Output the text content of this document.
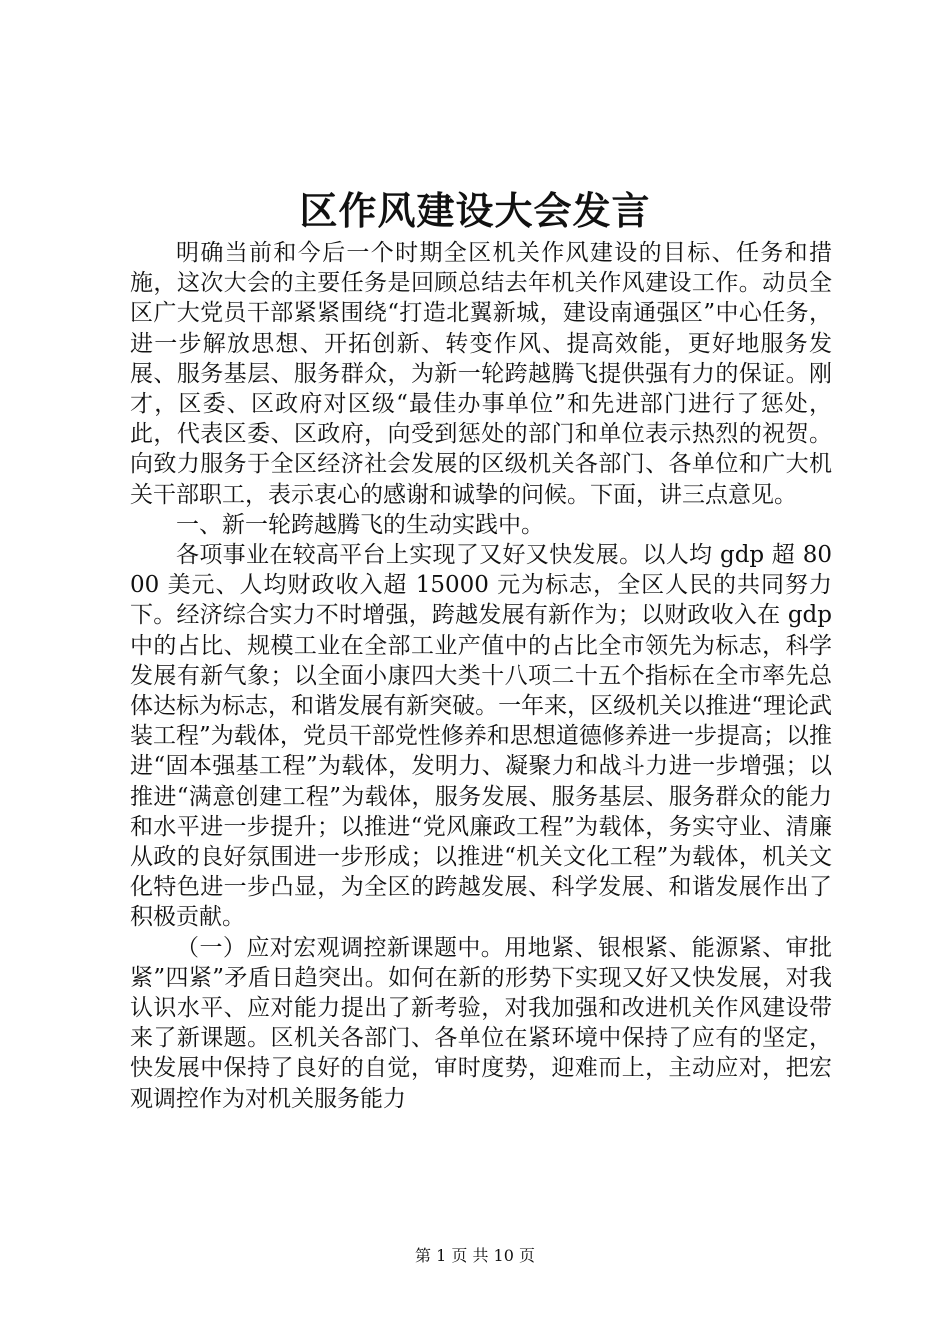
区作风建设大会发言

明确当前和今后一个时期全区机关作风建设的目标、任务和措施，这次大会的主要任务是回顾总结去年机关作风建设工作。动员全区广大党员干部紧紧围绕“打造北翼新城，建设南通强区”中心任务，进一步解放思想、开拓创新、转变作风、提高效能，更好地服务发展、服务基层、服务群众，为新一轮跨越腾飞提供强有力的保证。刚才，区委、区政府对区级“最佳办事单位”和先进部门进行了惩处，此，代表区委、区政府，向受到惩处的部门和单位表示热烈的祝贺。向致力服务于全区经济社会发展的区级机关各部门、各单位和广大机关干部职工，表示衷心的感谢和诚挚的问候。下面，讲三点意见。

一、新一轮跨越腾飞的生动实践中。

各项事业在较高平台上实现了又好又快发展。以人均 gdp 超 8000 美元、人均财政收入超 15000 元为标志，全区人民的共同努力下。经济综合实力不时增强，跨越发展有新作为；以财政收入在 gdp 中的占比、规模工业在全部工业产值中的占比全市领先为标志，科学发展有新气象；以全面小康四大类十八项二十五个指标在全市率先总体达标为标志，和谐发展有新突破。一年来，区级机关以推进“理论武装工程”为载体，党员干部党性修养和思想道德修养进一步提高；以推进“固本强基工程”为载体，发明力、凝聚力和战斗力进一步增强；以推进“满意创建工程”为载体，服务发展、服务基层、服务群众的能力和水平进一步提升；以推进“党风廉政工程”为载体，务实守业、清廉从政的良好氛围进一步形成；以推进“机关文化工程”为载体，机关文化特色进一步凸显，为全区的跨越发展、科学发展、和谐发展作出了积极贡献。

（一）应对宏观调控新课题中。用地紧、银根紧、能源紧、审批紧”四紧”矛盾日趋突出。如何在新的形势下实现又好又快发展，对我认识水平、应对能力提出了新考验，对我加强和改进机关作风建设带来了新课题。区机关各部门、各单位在紧环境中保持了应有的坚定，快发展中保持了良好的自觉，审时度势，迎难而上，主动应对，把宏观调控作为对机关服务能力

第 1 页 共 10 页
